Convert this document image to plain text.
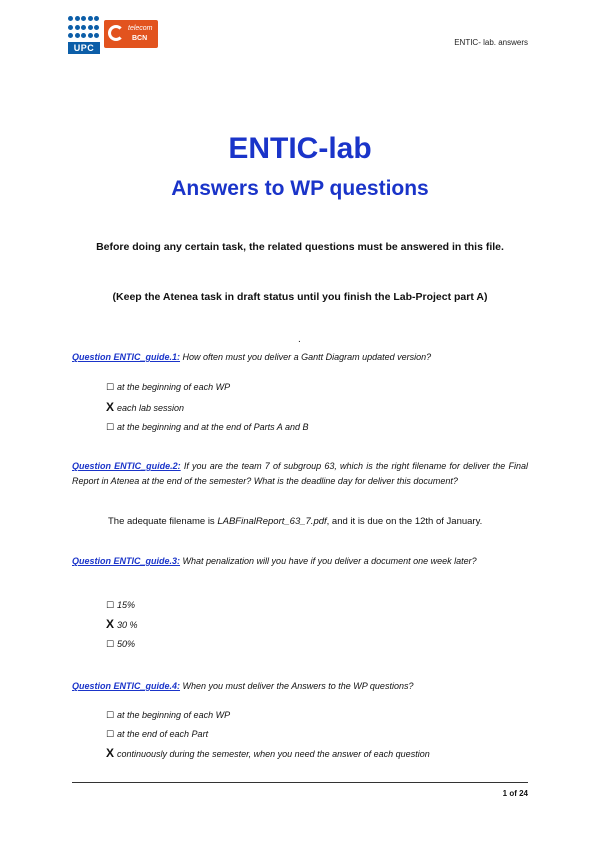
UPC
telecom
BCN	ENTIC- lab. answers
ENTIC-lab
Answers to WP questions
Before doing any certain task, the related questions must be answered in this file.
(Keep the Atenea task in draft status until you finish the Lab-Project part A)
.
Question ENTIC_guide.1: How often must you deliver a Gantt Diagram updated version?
☐ at the beginning of each WP
X each lab session
☐ at the beginning and at the end of Parts A and B
Question ENTIC_guide.2: If you are the team 7 of subgroup 63, which is the right filename for deliver the Final Report in Atenea at the end of the semester? What is the deadline day for deliver this document?
The adequate filename is LABFinalReport_63_7.pdf, and it is due on the 12th of January.
Question ENTIC_guide.3: What penalization will you have if you deliver a document one week later?
☐ 15%
X 30 %
☐ 50%
Question ENTIC_guide.4: When you must deliver the Answers to the WP questions?
☐ at the beginning of each WP
☐ at the end of each Part
X continuously during the semester, when you need the answer of each question
1 of 24
